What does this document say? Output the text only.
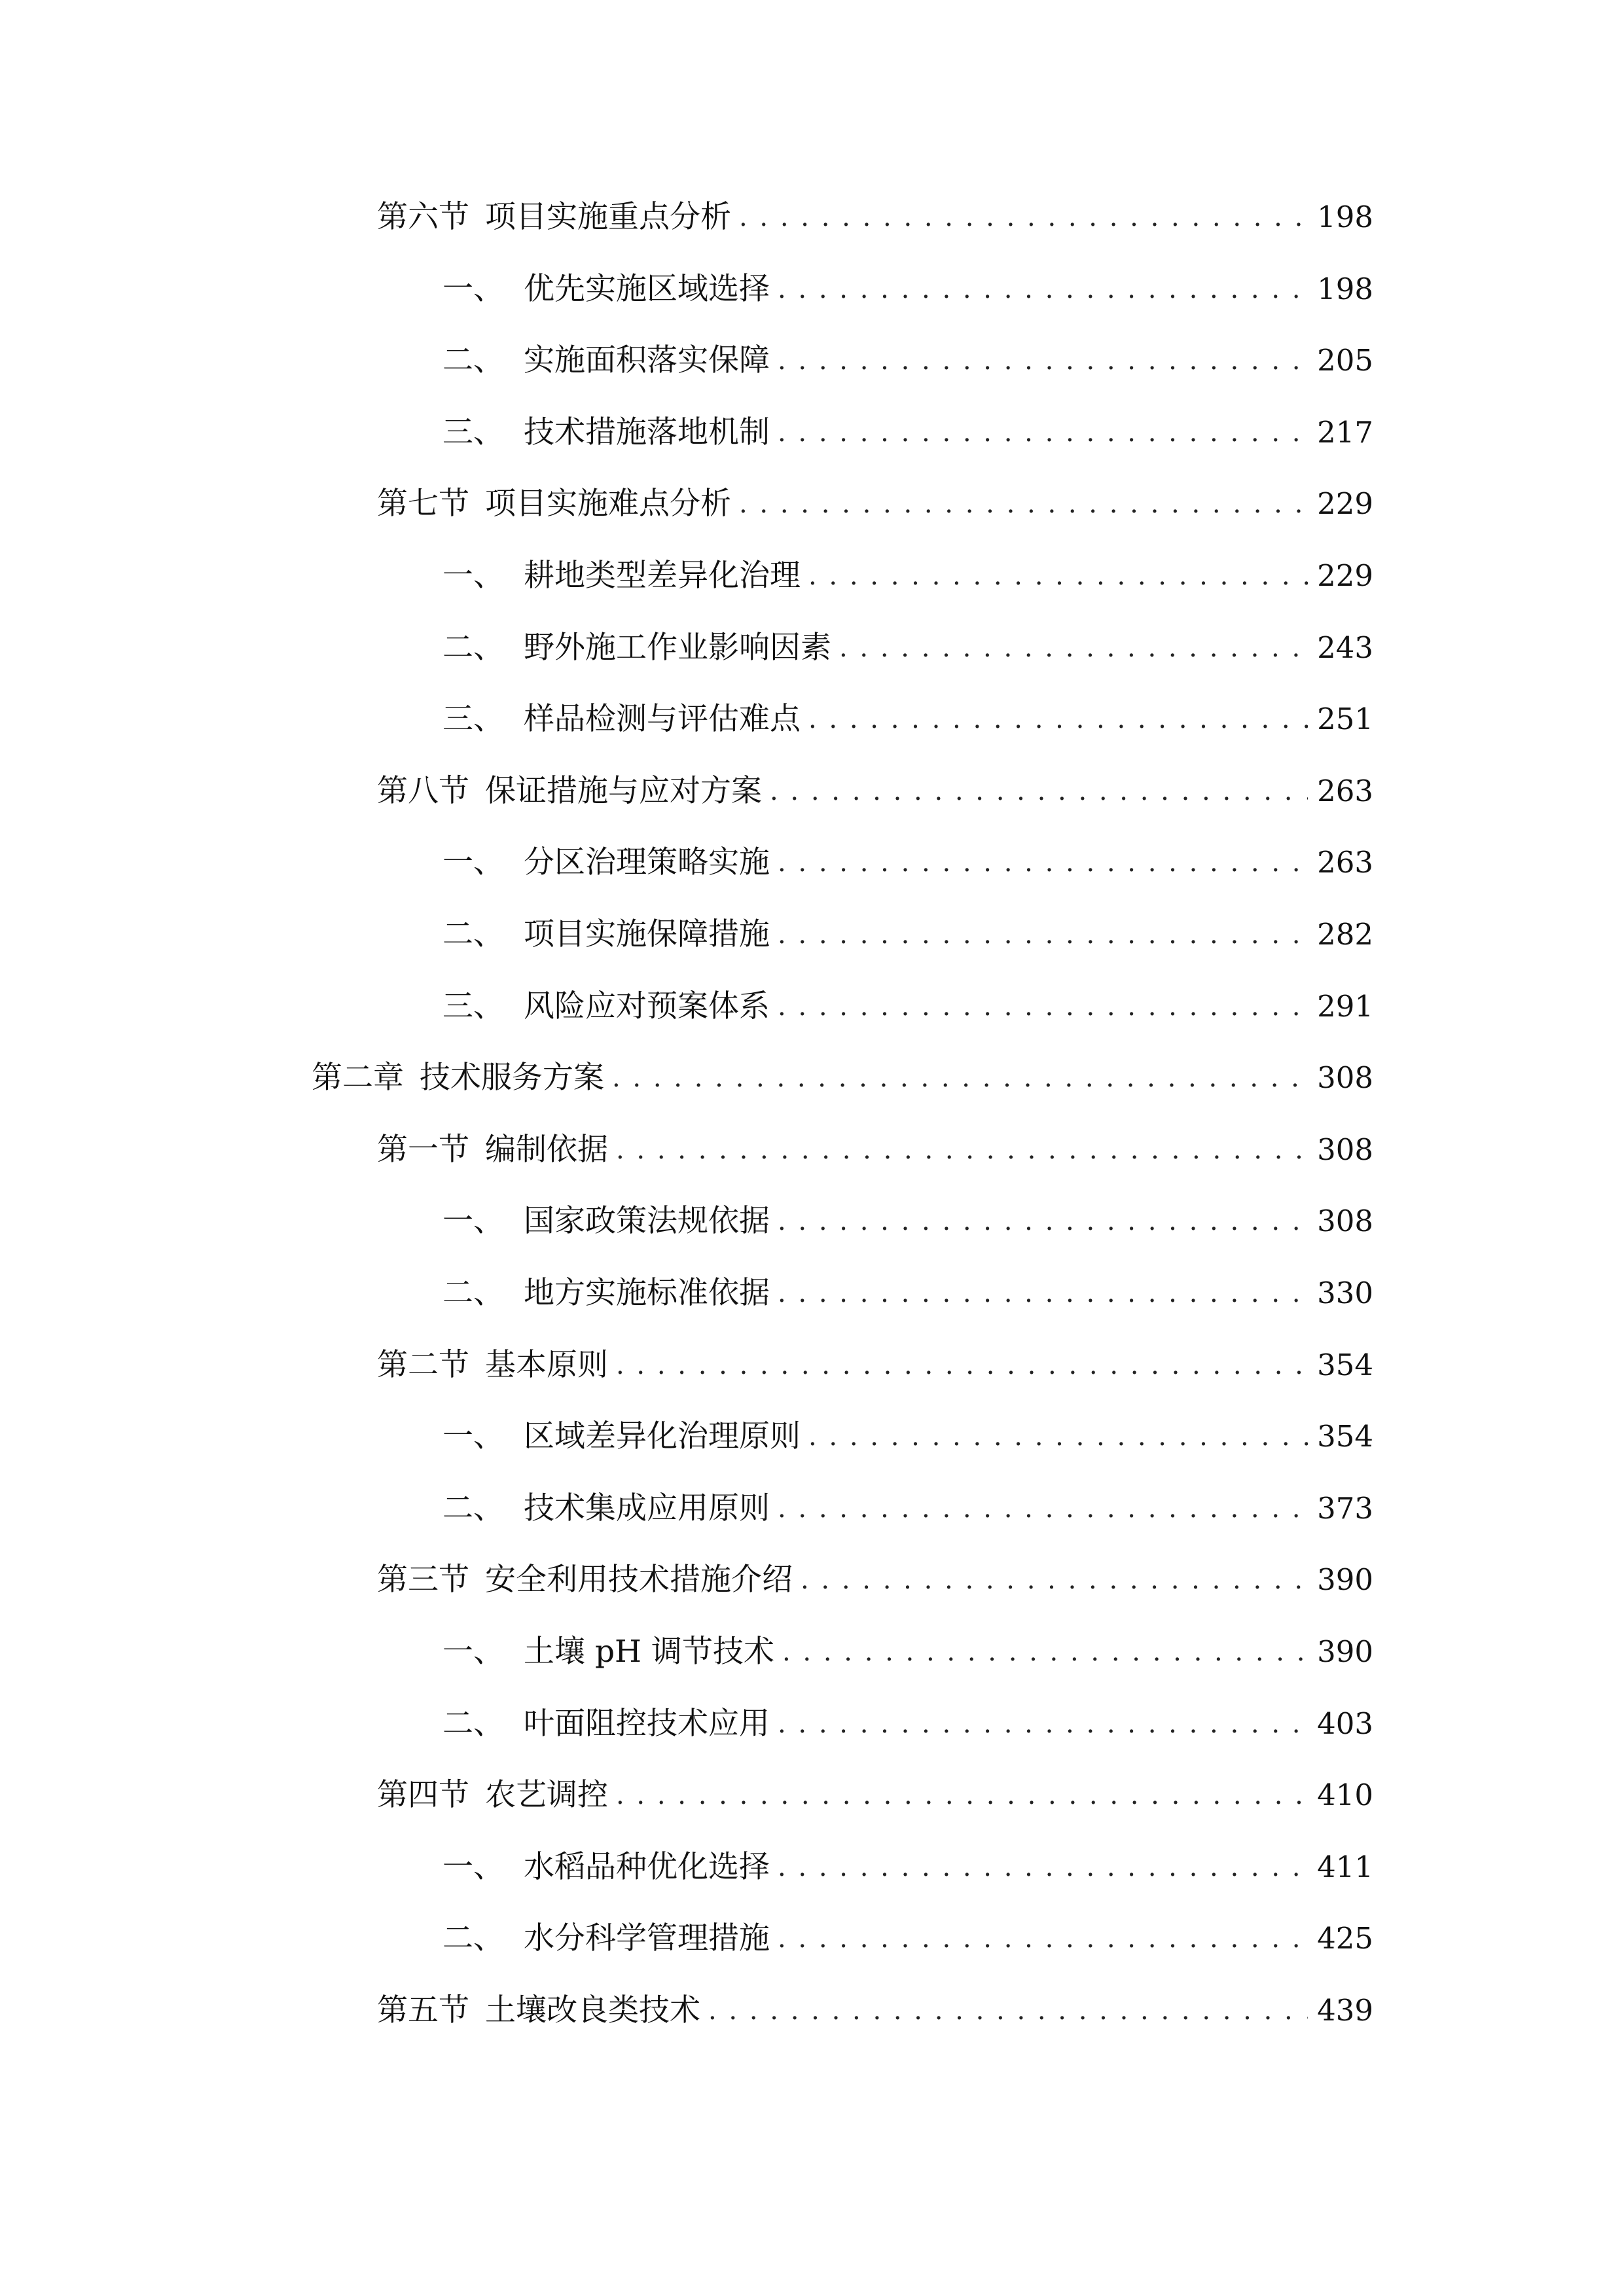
第六节 项目实施重点分析 . . .	198
一、 优先实施区域选择 . . .	198
二、 实施面积落实保障 . . .	205
三、 技术措施落地机制 . . .	217
第七节 项目实施难点分析 . . .	229
一、 耕地类型差异化治理 . . .	229
二、 野外施工作业影响因素 . . .	243
三、 样品检测与评估难点 . . .	251
第八节 保证措施与应对方案 . . .	263
一、 分区治理策略实施 . . .	263
二、 项目实施保障措施 . . .	282
三、 风险应对预案体系 . . .	291
第二章 技术服务方案 . . .	308
第一节 编制依据 . . .	308
一、 国家政策法规依据 . . .	308
二、 地方实施标准依据 . . .	330
第二节 基本原则 . . .	354
一、 区域差异化治理原则 . . .	354
二、 技术集成应用原则 . . .	373
第三节 安全利用技术措施介绍 . . .	390
一、 土壤 pH 调节技术 . . .	390
二、 叶面阻控技术应用 . . .	403
第四节 农艺调控 . . .	410
一、 水稻品种优化选择 . . .	411
二、 水分科学管理措施 . . .	425
第五节 土壤改良类技术 . . .	439
